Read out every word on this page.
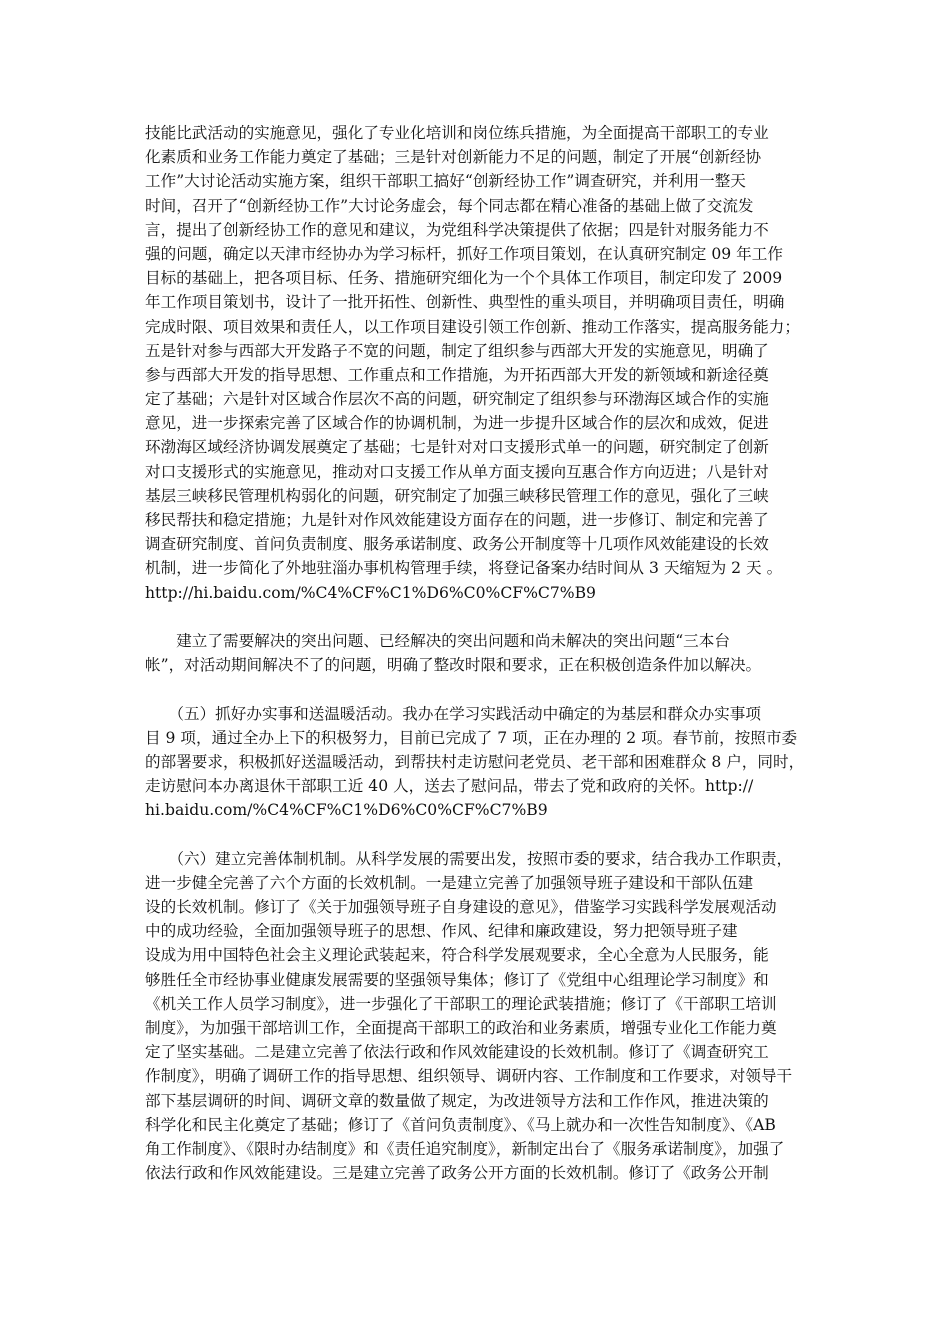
技能比武活动的实施意见，强化了专业化培训和岗位练兵措施，为全面提高干部职工的专业
化素质和业务工作能力奠定了基础；三是针对创新能力不足的问题，制定了开展“创新经协
工作”大讨论活动实施方案，组织干部职工搞好“创新经协工作”调查研究，并利用一整天
时间，召开了“创新经协工作”大讨论务虚会，每个同志都在精心准备的基础上做了交流发
言，提出了创新经协工作的意见和建议，为党组科学决策提供了依据；四是针对服务能力不
强的问题，确定以天津市经协办为学习标杆，抓好工作项目策划，在认真研究制定 09 年工作
目标的基础上，把各项目标、任务、措施研究细化为一个个具体工作项目，制定印发了 2009
年工作项目策划书，设计了一批开拓性、创新性、典型性的重头项目，并明确项目责任，明确
完成时限、项目效果和责任人，以工作项目建设引领工作创新、推动工作落实，提高服务能力；
五是针对参与西部大开发路子不宽的问题，制定了组织参与西部大开发的实施意见，明确了
参与西部大开发的指导思想、工作重点和工作措施，为开拓西部大开发的新领域和新途径奠
定了基础；六是针对区域合作层次不高的问题，研究制定了组织参与环渤海区域合作的实施
意见，进一步探索完善了区域合作的协调机制，为进一步提升区域合作的层次和成效，促进
环渤海区域经济协调发展奠定了基础；七是针对对口支援形式单一的问题，研究制定了创新
对口支援形式的实施意见，推动对口支援工作从单方面支援向互惠合作方向迈进；八是针对
基层三峡移民管理机构弱化的问题，研究制定了加强三峡移民管理工作的意见，强化了三峡
移民帮扶和稳定措施；九是针对作风效能建设方面存在的问题，进一步修订、制定和完善了
调查研究制度、首问负责制度、服务承诺制度、政务公开制度等十几项作风效能建设的长效
机制，进一步简化了外地驻淄办事机构管理手续，将登记备案办结时间从 3 天缩短为 2 天 。
http://hi.baidu.com/%C4%CF%C1%D6%C0%CF%C7%B9
　　建立了需要解决的突出问题、已经解决的突出问题和尚未解决的突出问题“三本台
帐”，对活动期间解决不了的问题，明确了整改时限和要求，正在积极创造条件加以解决。
　　（五）抓好办实事和送温暖活动。我办在学习实践活动中确定的为基层和群众办实事项
目 9 项，通过全办上下的积极努力，目前已完成了 7 项，正在办理的 2 项。春节前，按照市委
的部署要求，积极抓好送温暖活动，到帮扶村走访慰问老党员、老干部和困难群众 8 户，同时，
走访慰问本办离退休干部职工近 40 人，送去了慰问品，带去了党和政府的关怀。http://
hi.baidu.com/%C4%CF%C1%D6%C0%CF%C7%B9
　　（六）建立完善体制机制。从科学发展的需要出发，按照市委的要求，结合我办工作职责，
进一步健全完善了六个方面的长效机制。一是建立完善了加强领导班子建设和干部队伍建
设的长效机制。修订了《关于加强领导班子自身建设的意见》，借鉴学习实践科学发展观活动
中的成功经验，全面加强领导班子的思想、作风、纪律和廉政建设，努力把领导班子建
设成为用中国特色社会主义理论武装起来，符合科学发展观要求，全心全意为人民服务，能
够胜任全市经协事业健康发展需要的坚强领导集体；修订了《党组中心组理论学习制度》和
《机关工作人员学习制度》，进一步强化了干部职工的理论武装措施；修订了《干部职工培训
制度》，为加强干部培训工作，全面提高干部职工的政治和业务素质，增强专业化工作能力奠
定了坚实基础。二是建立完善了依法行政和作风效能建设的长效机制。修订了《调查研究工
作制度》，明确了调研工作的指导思想、组织领导、调研内容、工作制度和工作要求，对领导干
部下基层调研的时间、调研文章的数量做了规定，为改进领导方法和工作作风，推进决策的
科学化和民主化奠定了基础；修订了《首问负责制度》、《马上就办和一次性告知制度》、《AB
角工作制度》、《限时办结制度》和《责任追究制度》，新制定出台了《服务承诺制度》，加强了
依法行政和作风效能建设。三是建立完善了政务公开方面的长效机制。修订了《政务公开制
